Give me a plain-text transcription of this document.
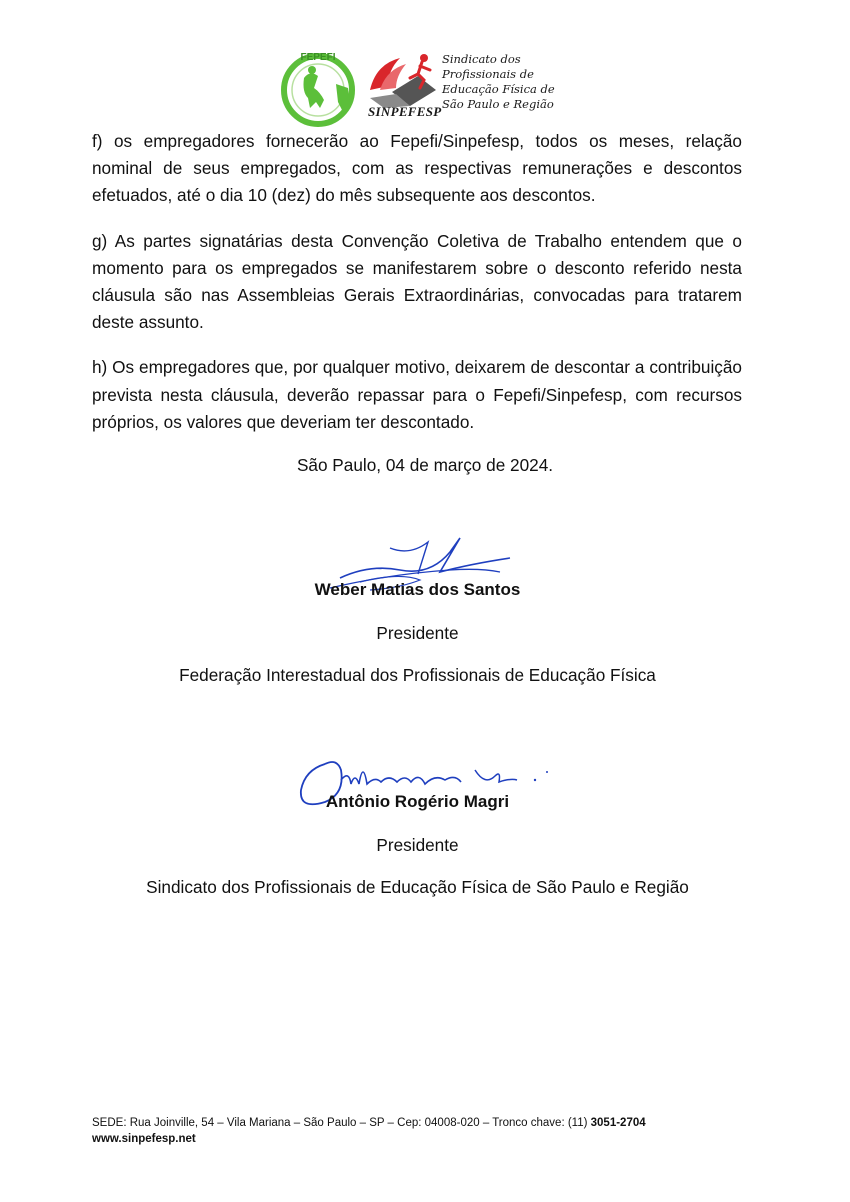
FEPEFI
SINPEFESP
Sindicato dos
Profissionais de
Educação Física de
São Paulo e Região

f) os empregadores fornecerão ao Fepefi/Sinpefesp, todos os meses, relação nominal de seus empregados, com as respectivas remunerações e descontos efetuados, até o dia 10 (dez) do mês subsequente aos descontos.

g) As partes signatárias desta Convenção Coletiva de Trabalho entendem que o momento para os empregados se manifestarem sobre o desconto referido nesta cláusula são nas Assembleias Gerais Extraordinárias, convocadas para tratarem deste assunto.

h) Os empregadores que, por qualquer motivo, deixarem de descontar a contribuição prevista nesta cláusula, deverão repassar para o Fepefi/Sinpefesp, com recursos próprios, os valores que deveriam ter descontado.

São Paulo, 04 de março de 2024.
Weber Matias dos Santos
Presidente
Federação Interestadual dos Profissionais de Educação Física
Antônio Rogério Magri
Presidente
Sindicato dos Profissionais de Educação Física de São Paulo e Região
SEDE: Rua Joinville, 54 – Vila Mariana – São Paulo – SP – Cep: 04008-020 – Tronco chave: (11) 3051-2704
www.sinpefesp.net
